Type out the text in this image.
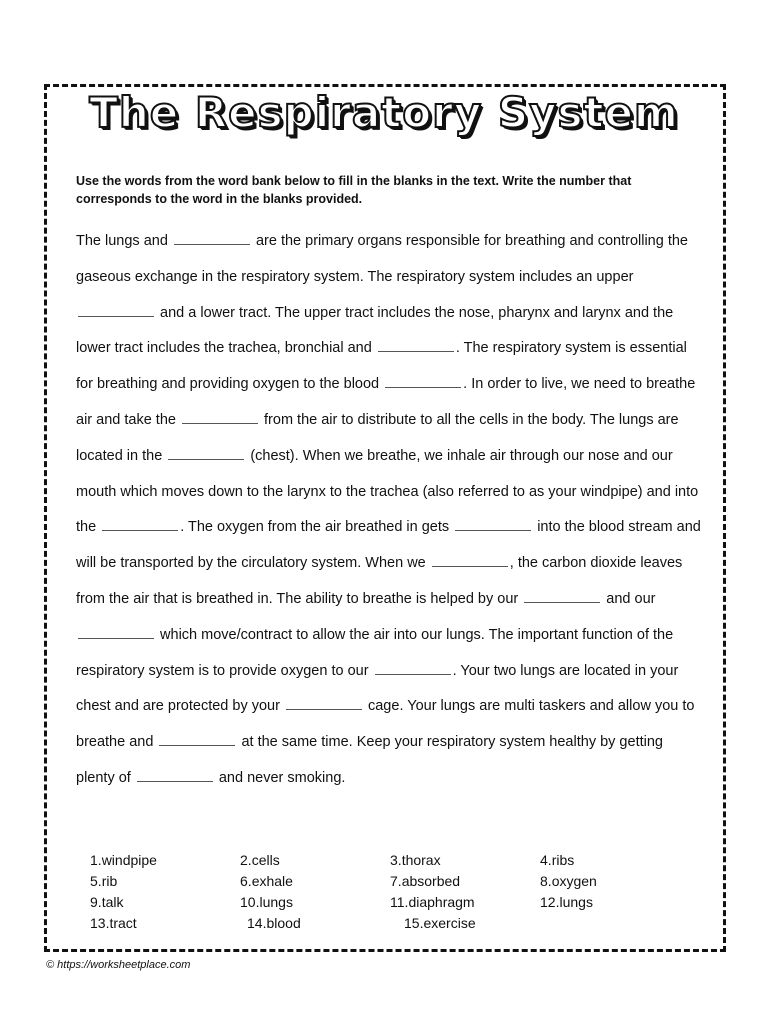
The Respiratory System
Use the words from the word bank below to fill in the blanks in the text. Write the number that corresponds to the word in the blanks provided.
The lungs and	are the primary organs responsible for breathing and controlling the gaseous exchange in the respiratory system. The respiratory system includes an upper  and a lower tract. The upper tract includes the nose, pharynx and larynx and the lower tract includes the trachea, bronchial and	. The respiratory system is essential for breathing and providing oxygen to the blood	. In order to live, we need to breathe air and take the	from the air to distribute to all the cells in the body. The lungs are located in the	(chest). When we breathe, we inhale air through our nose and our mouth which moves down to the larynx to the trachea (also referred to as your windpipe) and into the	. The oxygen from the air breathed in gets	into the blood stream and will be transported by the circulatory system. When we	, the carbon dioxide leaves from the air that is breathed in. The ability to breathe is helped by our	and our  which move/contract to allow the air into our lungs. The important function of the respiratory system is to provide oxygen to our	. Your two lungs are located in your chest and are protected by your	cage. Your lungs are multi taskers and allow you to breathe and	at the same time. Keep your respiratory system healthy by getting plenty of	and never smoking.
1. windpipe	2. cells	3. thorax	4. ribs
5. rib	6. exhale	7. absorbed	8. oxygen
9. talk	10. lungs	11. diaphragm	12. lungs
13. tract	14. blood	15. exercise
© https://worksheetplace.com
